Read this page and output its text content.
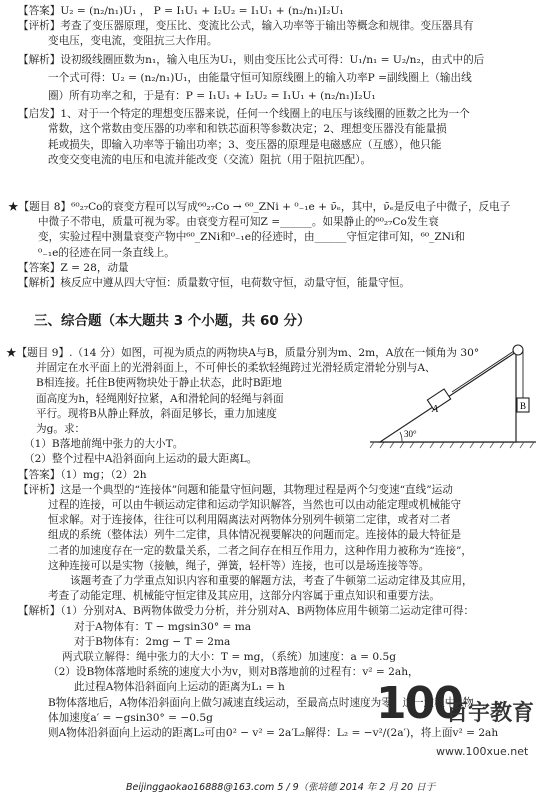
【答案】U₂ = (n₂/n₁)U₁ ， P = I₁U₁ + I₂U₂ = I₁U₁ + (n₂/n₁)I₂U₁
【评析】考查了变压器原理，变压比、变流比公式，输入功率等于输出等概念和规律。变压器具有
变电压，变电流，变阻抗三大作用。
【解析】设初级线圈匝数为n₁，输入电压为U₁，则由变压比公式可得：U₁/n₁ = U₂/n₂，由式中的后
一个式可得：U₂ = (n₂/n₁)U₁，由能量守恒可知原线圈上的输入功率P =副线圈上（输出线
圈）所有功率之和，于是有：P = I₁U₁ + I₂U₂ = I₁U₁ + (n₂/n₁)I₂U₁
【启发】1、对于一个特定的理想变压器来说，任何一个线圈上的电压与该线圈的匝数之比为一个
常数，这个常数由变压器的功率和和铁芯面积等参数决定；2、理想变压器没有能量损
耗或损失，即输入功率等于输出功率；3、变压器的原理是电磁感应（互感），他只能
改变交变电流的电压和电流并能改变（交流）阻抗（用于阻抗匹配）。
★【题目 8】⁶⁰₂₇Co的衰变方程可以写成⁶⁰₂₇Co → ⁶⁰_ZNi + ⁰₋₁e + ν̄ₑ，其中，ν̄ₑ是反电子中微子，反电子
中微子不带电，质量可视为零。由衰变方程可知Z =______。如果静止的⁶⁰₂₇Co发生衰
变，实验过程中测量衰变产物中⁶⁰_ZNi和⁰₋₁e的径迹时，由______守恒定律可知，⁶⁰_ZNi和
⁰₋₁e的径迹在同一条直线上。
【答案】Z = 28，动量
【解析】核反应中遵从四大守恒：质量数守恒，电荷数守恒，动量守恒，能量守恒。
三、综合题（本大题共 3 个小题，共 60 分）
★【题目 9】.（14 分）如图，可视为质点的两物块A与B，质量分别为m、2m，A放在一倾角为 30°
并固定在水平面上的光滑斜面上，不可伸长的柔软轻绳跨过光滑轻质定滑轮分别与A、
B相连接。托住B使两物块处于静止状态，此时B距地
面高度为h，轻绳刚好拉紧，A和滑轮间的轻绳与斜面
平行。现将B从静止释放，斜面足够长，重力加速度
为g。求：
（1）B落地前绳中张力的大小T。
（2）整个过程中A沿斜面向上运动的最大距离L。
【答案】（1）mg；（2）2h
【评析】这是一个典型的“连接体”问题和能量守恒问题，其物理过程是两个匀变速“直线”运动
过程的连接，可以由牛顿运动定律和运动学知识解答，当然也可以由动能定理或机械能守
恒求解。对于连接体，往往可以利用隔离法对两物体分别列牛顿第二定律，或者对二者
组成的系统（整体法）列牛二定律，具体情况视要解决的问题而定。连接体的最大特征是
二者的加速度存在一定的数量关系，二者之间存在相互作用力，这种作用力被称为“连接”，
这种连接可以是实物（接触，绳子，弹簧，轻杆等）连接，也可以是场连接等等。
该题考查了力学重点知识内容和重要的解题方法，考查了牛顿第二运动定律及其应用，
考查了动能定理、机械能守恒定律及其应用，这部分内容属于重点知识和重要方法。
【解析】（1）分别对A、B两物体做受力分析，并分别对A、B两物体应用牛顿第二运动定律可得：
对于A物体有：T − mgsin30° = ma
对于B物体有：2mg − T = 2ma
两式联立解得：绳中张力的大小：T = mg，（系统）加速度：a = 0.5g
（2）设B物体落地时系统的速度大小为v，则对B落地前的过程有：v² = 2ah，
此过程A物体沿斜面向上运动的距离为L₁ = h
B物体落地后，A物体沿斜面向上做匀减速直线运动，至最高点时速度为零，这一过程中A物
体加速度a′ = −gsin30° = −0.5g
则A物体沿斜面向上运动的距离L₂可由0² − v² = 2a′L₂解得：L₂ = −v²/(2a′)，将上面v² = 2ah
30°
A	B
100
百宇教育
www.100xue.net
Beijinggaokao16888@163.com 5 / 9（张培德 2014 年 2 月 20 日于
